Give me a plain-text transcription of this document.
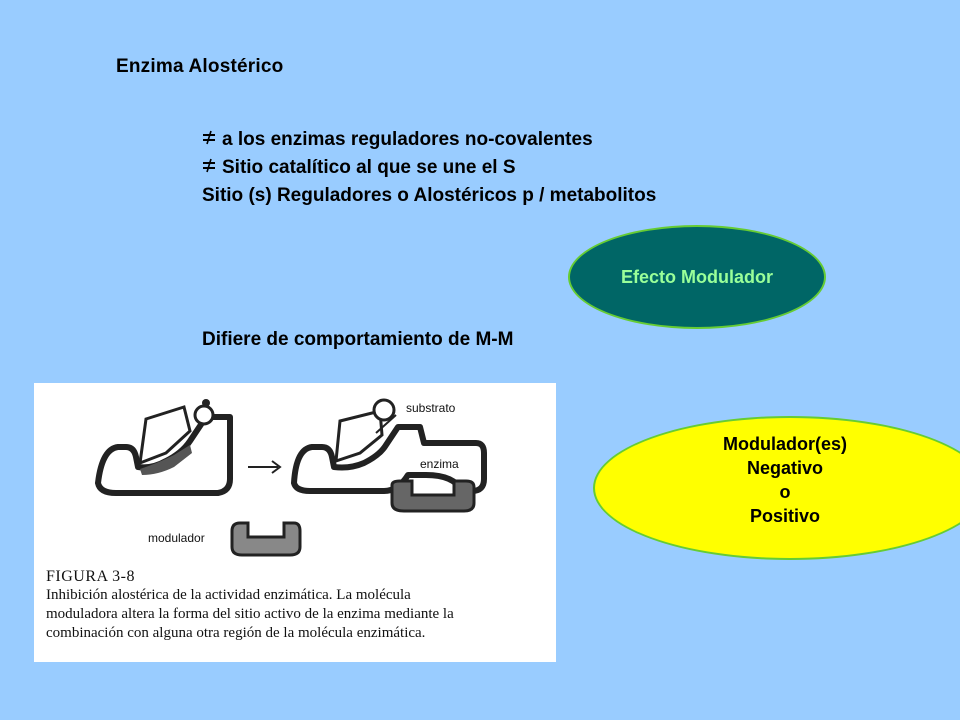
Enzima Alostérico
a los enzimas reguladores no-covalentes
Sitio catalítico al que se une el S
Sitio (s) Reguladores o Alostéricos p / metabolitos
Efecto Modulador
Difiere de comportamiento de M-M
substrato
enzima
modulador
FIGURA 3-8
Inhibición alostérica de la actividad enzimática. La molécula
moduladora altera la forma del sitio activo de la enzima mediante la
combinación con alguna otra región de la molécula enzimática.
Modulador(es)
Negativo
o
Positivo
